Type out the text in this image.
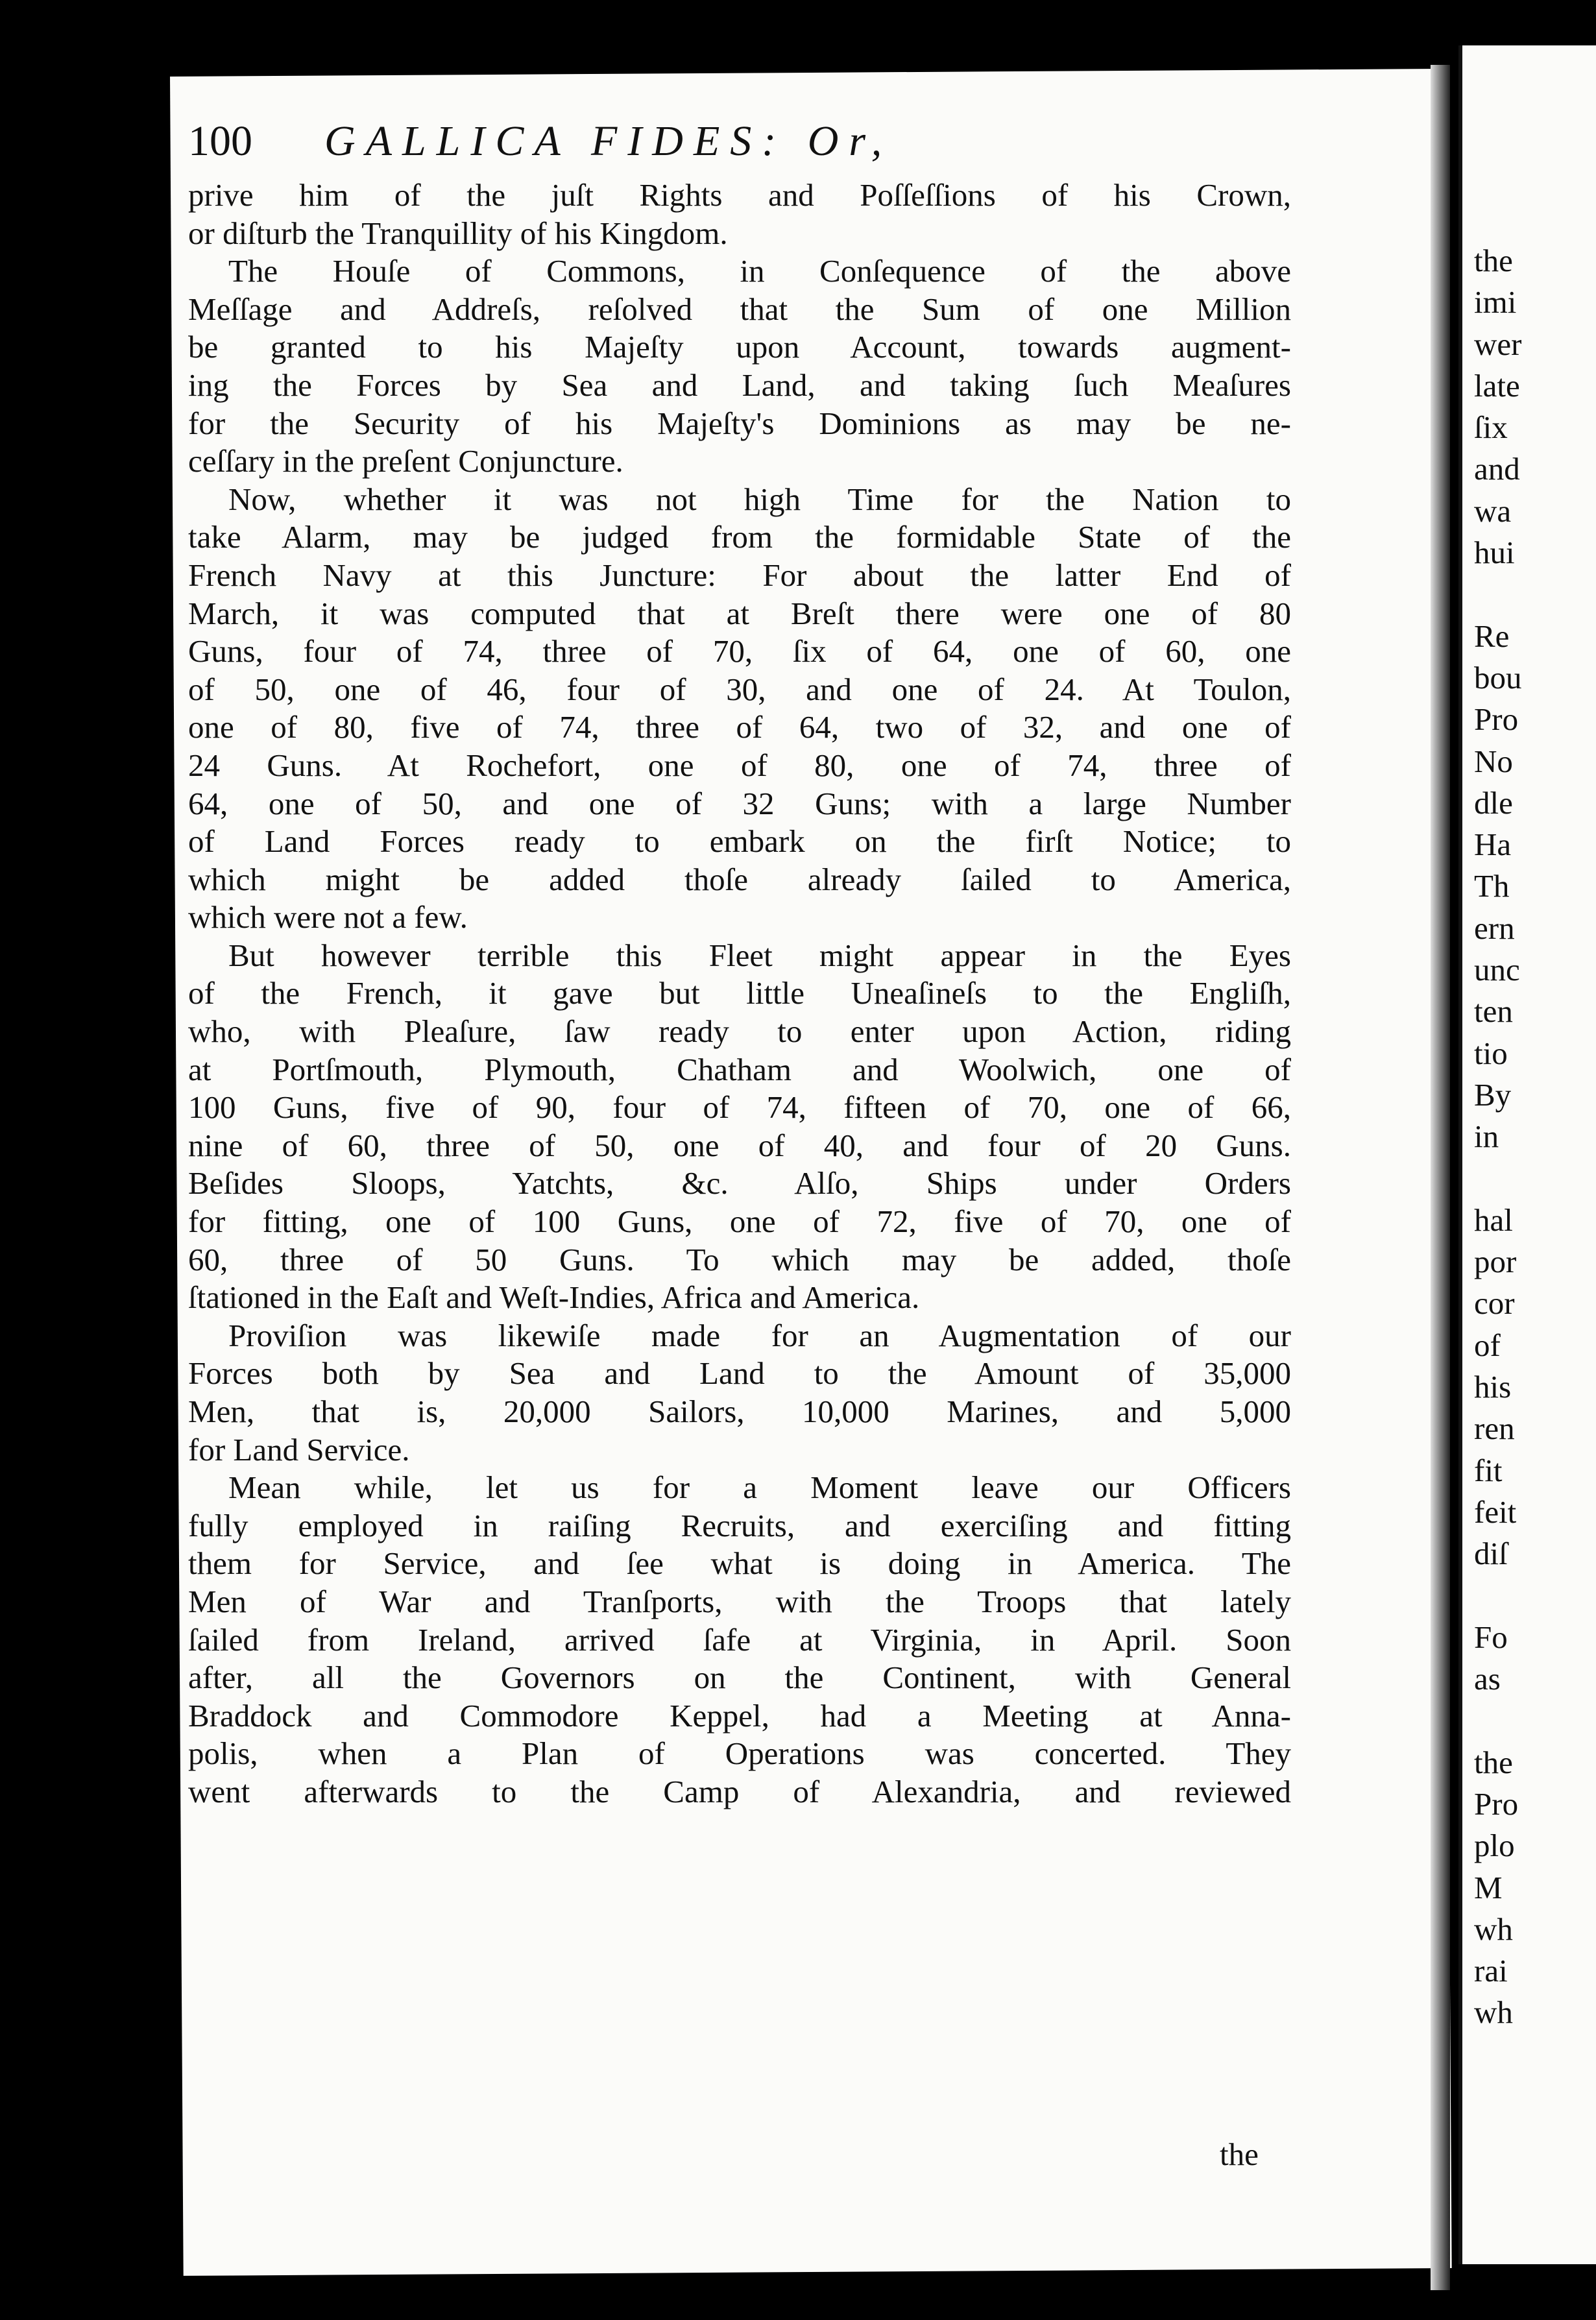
the
imi
wer
late
ſix
and
wa
hui
Re
bou
Pro
No
dle
Ha
Th
ern
unc
ten
tio
By
in
hal
por
cor
of
his
ren
fit
feit
diſ
Fo
as
the
Pro
plo
M
wh
rai
wh
100 GALLICA FIDES: Or,
prive him of the juſt Rights and Poſſeſſions of his Crown,
or diſturb the Tranquillity of his Kingdom.
The Houſe of Commons, in Conſequence of the above
Meſſage and Addreſs, reſolved that the Sum of one Million
be granted to his Majeſty upon Account, towards augment-
ing the Forces by Sea and Land, and taking ſuch Meaſures
for the Security of his Majeſty's Dominions as may be ne-
ceſſary in the preſent Conjuncture.
Now, whether it was not high Time for the Nation to
take Alarm, may be judged from the formidable State of the
French Navy at this Juncture: For about the latter End of
March, it was computed that at Breſt there were one of 80
Guns, four of 74, three of 70, ſix of 64, one of 60, one
of 50, one of 46, four of 30, and one of 24. At Toulon,
one of 80, five of 74, three of 64, two of 32, and one of
24 Guns. At Rochefort, one of 80, one of 74, three of
64, one of 50, and one of 32 Guns; with a large Number
of Land Forces ready to embark on the firſt Notice; to
which might be added thoſe already ſailed to America,
which were not a few.
But however terrible this Fleet might appear in the Eyes
of the French, it gave but little Uneaſineſs to the Engliſh,
who, with Pleaſure, ſaw ready to enter upon Action, riding
at Portſmouth, Plymouth, Chatham and Woolwich, one of
100 Guns, five of 90, four of 74, fifteen of 70, one of 66,
nine of 60, three of 50, one of 40, and four of 20 Guns.
Beſides Sloops, Yatchts, &c. Alſo, Ships under Orders
for fitting, one of 100 Guns, one of 72, five of 70, one of
60, three of 50 Guns. To which may be added, thoſe
ſtationed in the Eaſt and Weſt-Indies, Africa and America.
Proviſion was likewiſe made for an Augmentation of our
Forces both by Sea and Land to the Amount of 35,000
Men, that is, 20,000 Sailors, 10,000 Marines, and 5,000
for Land Service.
Mean while, let us for a Moment leave our Officers
fully employed in raiſing Recruits, and exerciſing and fitting
them for Service, and ſee what is doing in America. The
Men of War and Tranſports, with the Troops that lately
ſailed from Ireland, arrived ſafe at Virginia, in April. Soon
after, all the Governors on the Continent, with General
Braddock and Commodore Keppel, had a Meeting at Anna-
polis, when a Plan of Operations was concerted. They
went afterwards to the Camp of Alexandria, and reviewed
the
